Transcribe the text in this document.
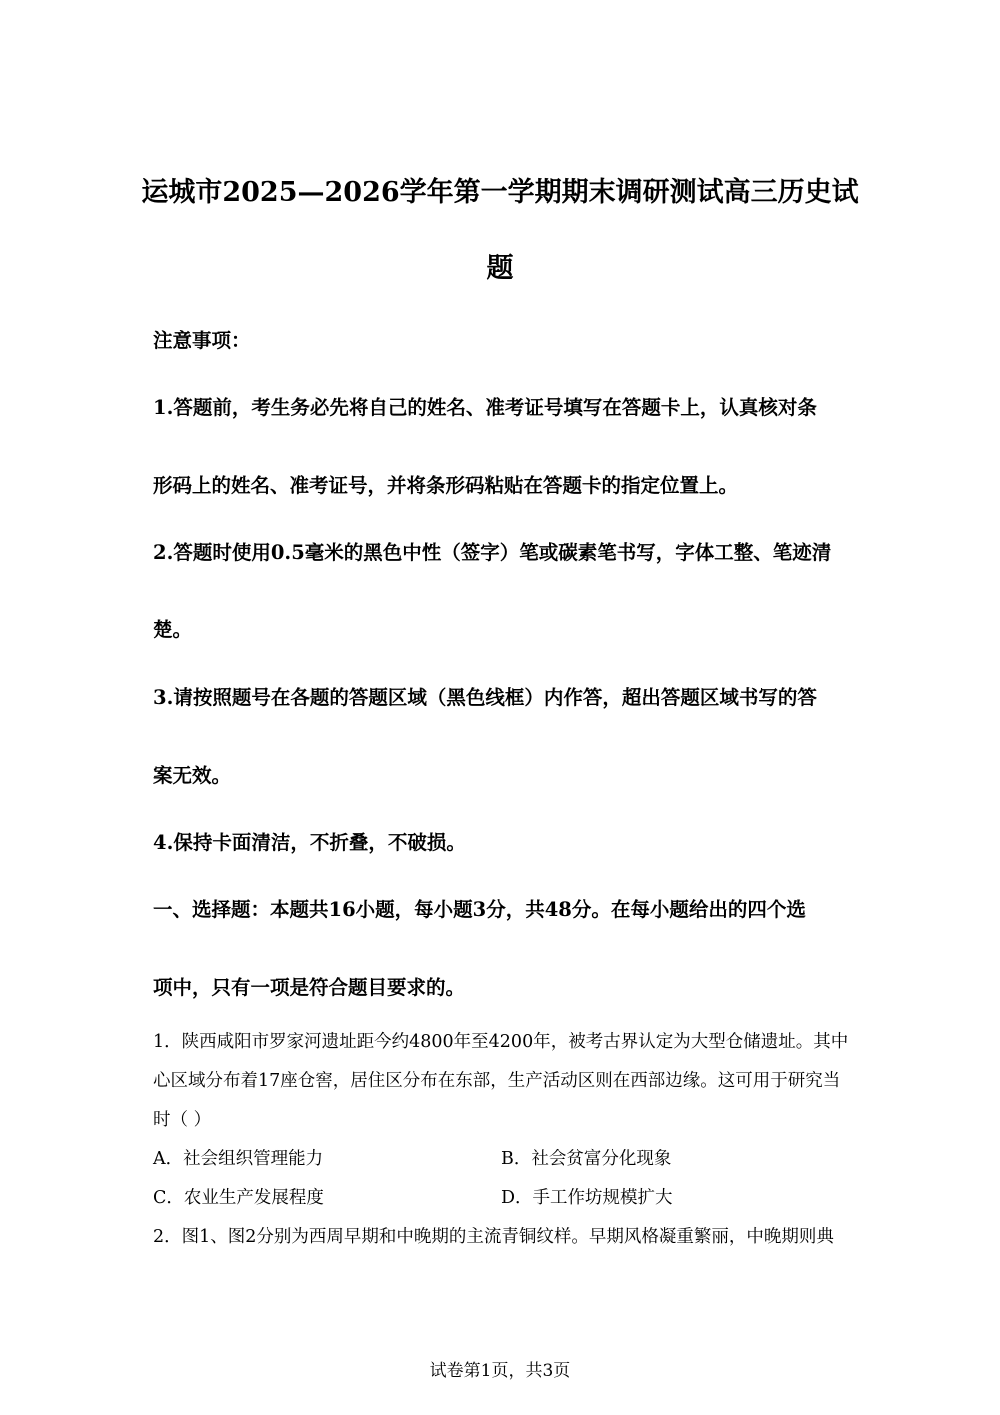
运城市2025—2026学年第一学期期末调研测试高三历史试
题
注意事项：
1.答题前，考生务必先将自己的姓名、准考证号填写在答题卡上，认真核对条
形码上的姓名、准考证号，并将条形码粘贴在答题卡的指定位置上。
2.答题时使用0.5毫米的黑色中性（签字）笔或碳素笔书写，字体工整、笔迹清
楚。
3.请按照题号在各题的答题区域（黑色线框）内作答，超出答题区域书写的答
案无效。
4.保持卡面清洁，不折叠，不破损。
一、选择题：本题共16小题，每小题3分，共48分。在每小题给出的四个选
项中，只有一项是符合题目要求的。
1．陕西咸阳市罗家河遗址距今约4800年至4200年，被考古界认定为大型仓储遗址。其中
心区域分布着17座仓窖，居住区分布在东部，生产活动区则在西部边缘。这可用于研究当
时（ ）
A．社会组织管理能力	B．社会贫富分化现象
C．农业生产发展程度	D．手工作坊规模扩大
2．图1、图2分别为西周早期和中晚期的主流青铜纹样。早期风格凝重繁丽，中晚期则典
试卷第1页，共3页
